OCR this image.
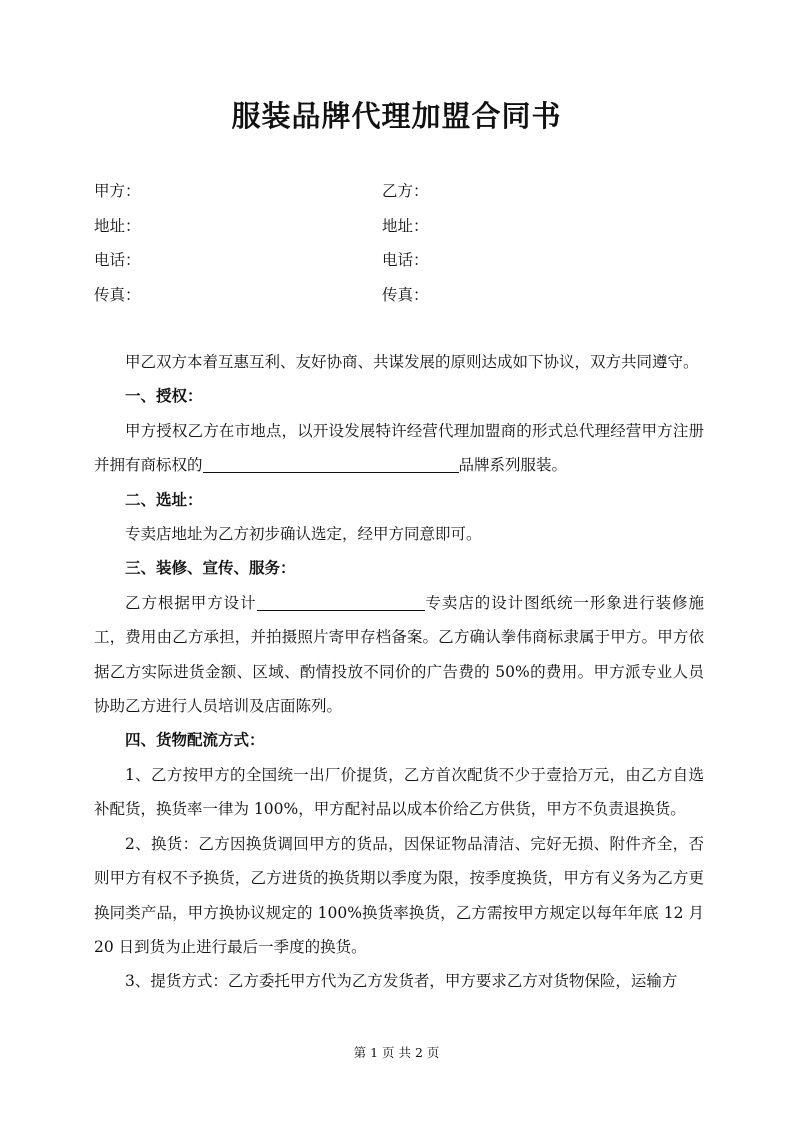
服装品牌代理加盟合同书
甲方：	乙方：
地址：	地址：
电话：	电话：
传真：	传真：

甲乙双方本着互惠互利、友好协商、共谋发展的原则达成如下协议，双方共同遵守。

一、授权：

甲方授权乙方在市地点，以开设发展特许经营代理加盟商的形式总代理经营甲方注册并拥有商标权的	品牌系列服装。

二、选址：

专卖店地址为乙方初步确认选定，经甲方同意即可。

三、装修、宣传、服务：

乙方根据甲方设计	专卖店的设计图纸统一形象进行装修施工，费用由乙方承担，并拍摄照片寄甲存档备案。乙方确认拳伟商标隶属于甲方。甲方依据乙方实际进货金额、区域、酌情投放不同价的广告费的 50%的费用。甲方派专业人员协助乙方进行人员培训及店面陈列。

四、货物配流方式：

1、乙方按甲方的全国统一出厂价提货，乙方首次配货不少于壹拾万元，由乙方自选补配货，换货率一律为 100%，甲方配衬品以成本价给乙方供货，甲方不负责退换货。

2、换货：乙方因换货调回甲方的货品，因保证物品清洁、完好无损、附件齐全，否则甲方有权不予换货，乙方进货的换货期以季度为限，按季度换货，甲方有义务为乙方更换同类产品，甲方换协议规定的 100%换货率换货，乙方需按甲方规定以每年年底 12 月 20 日到货为止进行最后一季度的换货。

3、提货方式：乙方委托甲方代为乙方发货者，甲方要求乙方对货物保险，运输方

第 1 页 共 2 页
